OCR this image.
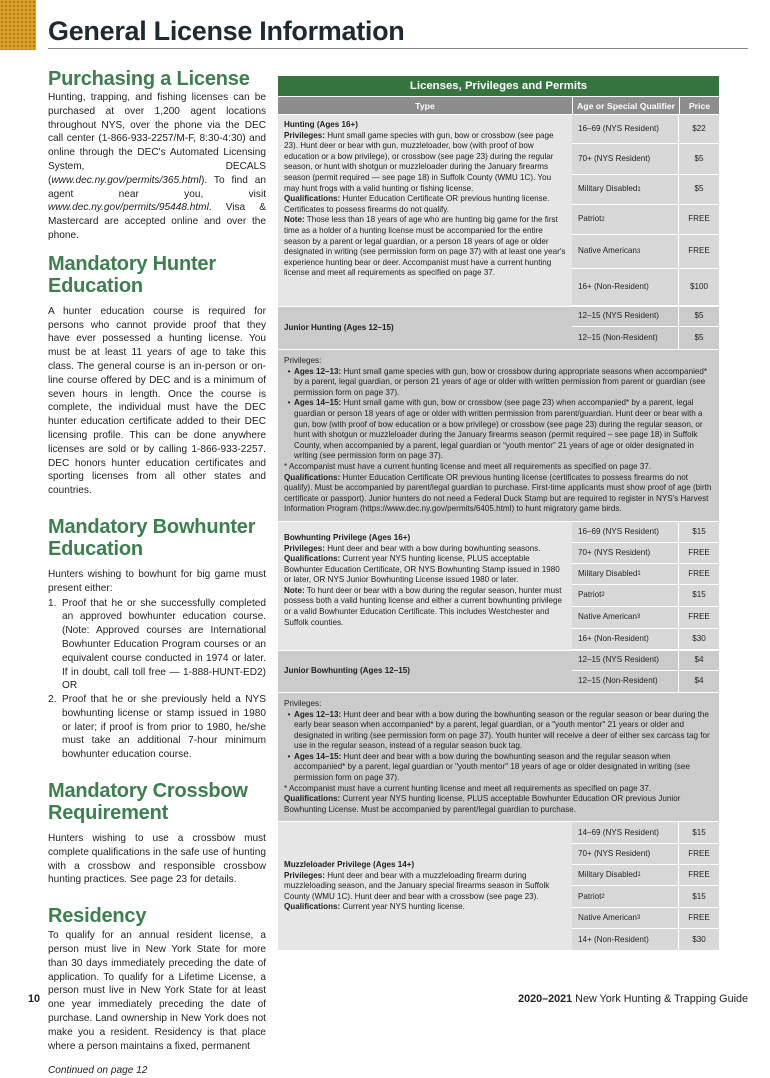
General License Information
Purchasing a License
Hunting, trapping, and fishing licenses can be purchased at over 1,200 agent locations throughout NYS, over the phone via the DEC call center (1-866-933-2257/M-F, 8:30-4:30) and online through the DEC's Automated Licensing System, DECALS (www.dec.ny.gov/permits/365.html). To find an agent near you, visit www.dec.ny.gov/permits/95448.html. Visa & Mastercard are accepted online and over the phone.
Mandatory Hunter Education
A hunter education course is required for persons who cannot provide proof that they have ever possessed a hunting license. You must be at least 11 years of age to take this class. The general course is an in-person or on-line course offered by DEC and is a minimum of seven hours in length. Once the course is complete, the individual must have the DEC hunter education certificate added to their DEC licensing profile. This can be done anywhere licenses are sold or by calling 1-866-933-2257. DEC honors hunter education certificates and sporting licenses from all other states and countries.
Mandatory Bowhunter Education
Hunters wishing to bowhunt for big game must present either:
1. Proof that he or she successfully completed an approved bowhunter education course. (Note: Approved courses are International Bowhunter Education Program courses or an equivalent course conducted in 1974 or later. If in doubt, call toll free — 1-888-HUNT-ED2) OR
2. Proof that he or she previously held a NYS bowhunting license or stamp issued in 1980 or later; if proof is from prior to 1980, he/she must take an additional 7-hour minimum bowhunter education course.
Mandatory Crossbow Requirement
Hunters wishing to use a crossbow must complete qualifications in the safe use of hunting with a crossbow and responsible crossbow hunting practices. See page 23 for details.
Residency
To qualify for an annual resident license, a person must live in New York State for more than 30 days immediately preceding the date of application. To qualify for a Lifetime License, a person must live in New York State for at least one year immediately preceding the date of purchase. Land ownership in New York does not make you a resident. Residency is that place where a person maintains a fixed, permanent
Continued on page 12
Licenses, Privileges and Permits
Type	Age or Special Qualifier	Price
Hunting (Ages 16+)
Privileges: Hunt small game species with gun, bow or crossbow (see page 23). Hunt deer or bear with gun, muzzleloader, bow (with proof of bow education or a bow privilege), or crossbow (see page 23) during the regular season, or hunt with shotgun or muzzleloader during the January firearms season (permit required — see page 18) in Suffolk County (WMU 1C). You may hunt frogs with a valid hunting or fishing license.
Qualifications: Hunter Education Certificate OR previous hunting license. Certificates to possess firearms do not qualify.
Note: Those less than 18 years of age who are hunting big game for the first time as a holder of a hunting license must be accompanied for the entire season by a parent or legal guardian, or a person 18 years of age or older designated in writing (see permission form on page 37) with at least one year's experience hunting bear or deer. Accompanist must have a current hunting license and meet all requirements as specified on page 37.
16–69 (NYS Resident)	$22
70+ (NYS Resident)	$5
Military Disabled 1	$5
Patriot 2	FREE
Native American 3	FREE
16+ (Non-Resident)	$100
Junior Hunting (Ages 12–15)
12–15 (NYS Resident)	$5
12–15 (Non-Resident)	$5
Privileges:
• Ages 12–13: Hunt small game species with gun, bow or crossbow during appropriate seasons when accompanied* by a parent, legal guardian, or person 21 years of age or older with written permission from parent or guardian (see permission form on page 37).
• Ages 14–15: Hunt small game with gun, bow or crossbow (see page 23) when accompanied* by a parent, legal guardian or person 18 years of age or older with written permission from parent/guardian. Hunt deer or bear with a gun, bow (with proof of bow education or a bow privilege) or crossbow (see page 23) during the regular season, or hunt with shotgun or muzzleloader during the January firearms season (permit required – see page 18) in Suffolk County, when accompanied by a parent, legal guardian or “youth mentor” 21 years of age or older designated in writing (see permission form on page 37).
* Accompanist must have a current hunting license and meet all requirements as specified on page 37.
Qualifications: Hunter Education Certificate OR previous hunting license (certificates to possess firearms do not qualify). Must be accompanied by parent/legal guardian to purchase. First-time applicants must show proof of age (birth certificate or passport). Junior hunters do not need a Federal Duck Stamp but are required to register in NYS's Harvest Information Program (https://www.dec.ny.gov/permits/6405.html) to hunt migratory game birds.
Bowhunting Privilege (Ages 16+)
Privileges: Hunt deer and bear with a bow during bowhunting seasons.
Qualifications: Current year NYS hunting license, PLUS acceptable Bowhunter Education Certificate, OR NYS Bowhunting Stamp issued in 1980 or later, OR NYS Junior Bowhunting License issued 1980 or later.
Note: To hunt deer or bear with a bow during the regular season, hunter must possess both a valid hunting license and either a current bowhunting privilege or a valid Bowhunter Education Certificate. This includes Westchester and Suffolk counties.
16–69 (NYS Resident)	$15
70+ (NYS Resident)	FREE
Military Disabled 1	FREE
Patriot 2	$15
Native American 3	FREE
16+ (Non-Resident)	$30
Junior Bowhunting (Ages 12–15)
12–15 (NYS Resident)	$4
12–15 (Non-Resident)	$4
Privileges:
• Ages 12–13: Hunt deer and bear with a bow during the bowhunting season or the regular season or bear during the early bear season when accompanied* by a parent, legal guardian, or a "youth mentor" 21 years or older and designated in writing (see permission form on page 37). Youth hunter will receive a deer of either sex carcass tag for use in the regular season, instead of a regular season buck tag.
• Ages 14–15: Hunt deer and bear with a bow during the bowhunting season and the regular season when accompanied* by a parent, legal guardian or "youth mentor" 18 years of age or older designated in writing (see permission form on page 37).
* Accompanist must have a current hunting license and meet all requirements as specified on page 37.
Qualifications: Current year NYS hunting license, PLUS acceptable Bowhunter Education OR previous Junior Bowhunting License. Must be accompanied by parent/legal guardian to purchase.
Muzzleloader Privilege (Ages 14+)
Privileges: Hunt deer and bear with a muzzleloading firearm during muzzleloading season, and the January special firearms season in Suffolk County (WMU 1C). Hunt deer and bear with a crossbow (see page 23).
Qualifications: Current year NYS hunting license.
14–69 (NYS Resident)	$15
70+ (NYS Resident)	FREE
Military Disabled 1	FREE
Patriot 2	$15
Native American 3	FREE
14+ (Non-Resident)	$30
10	2020–2021 New York Hunting & Trapping Guide
